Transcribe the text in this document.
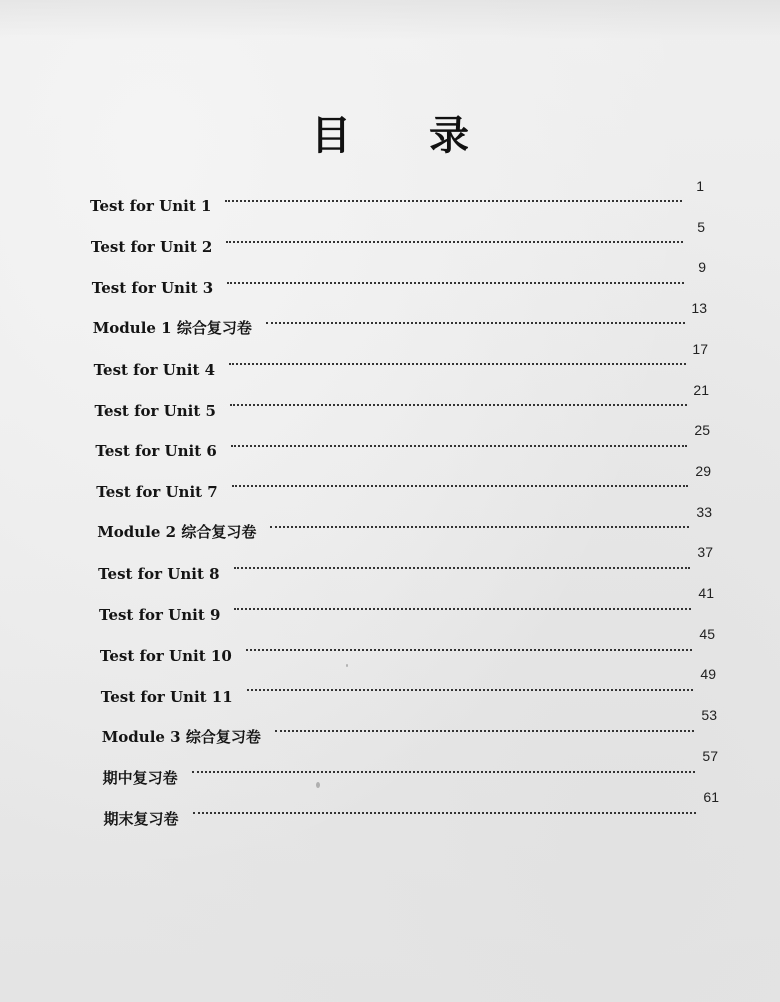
目 录
Test for Unit 1
1
Test for Unit 2
5
Test for Unit 3
9
Module 1 综合复习卷
13
Test for Unit 4
17
Test for Unit 5
21
Test for Unit 6
25
Test for Unit 7
29
Module 2 综合复习卷
33
Test for Unit 8
37
Test for Unit 9
41
Test for Unit 10
45
Test for Unit 11
49
Module 3 综合复习卷
53
期中复习卷
57
期末复习卷
61
